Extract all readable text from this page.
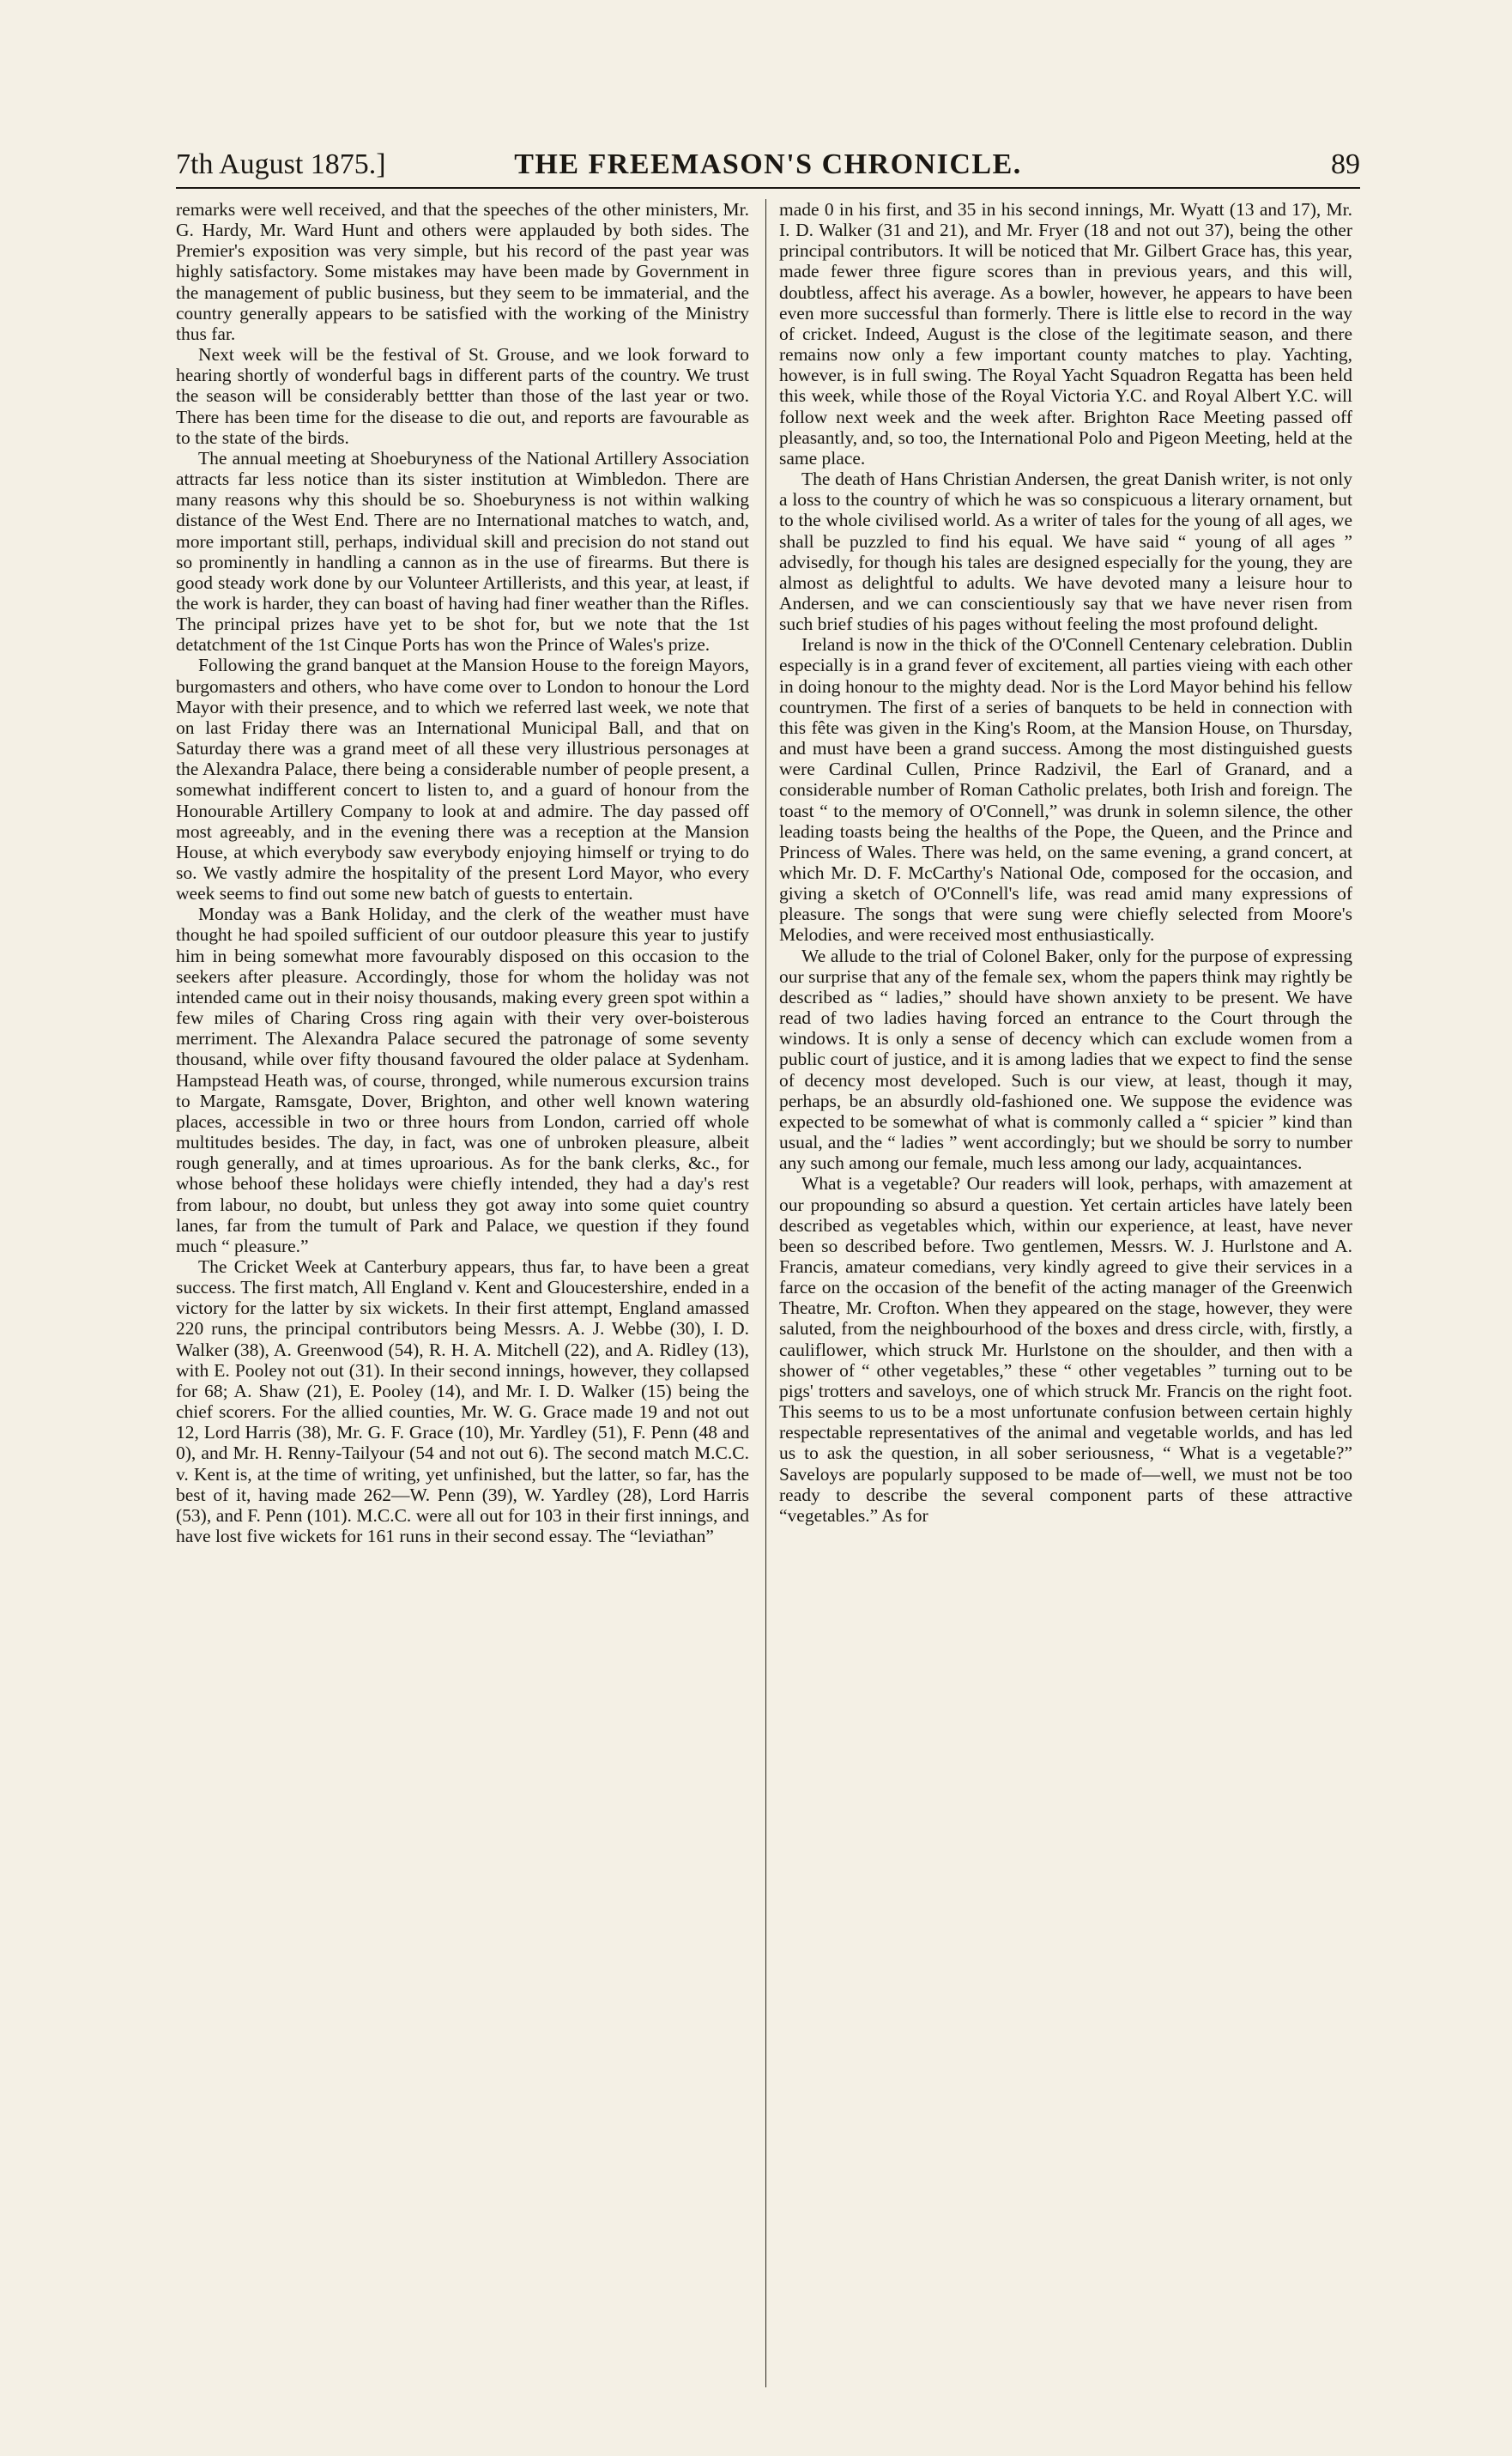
7th August 1875.]	THE FREEMASON'S CHRONICLE.	89

remarks were well received, and that the speeches of the other ministers, Mr. G. Hardy, Mr. Ward Hunt and others were applauded by both sides. The Premier's exposition was very simple, but his record of the past year was highly satisfactory. Some mistakes may have been made by Government in the management of public business, but they seem to be immaterial, and the country generally appears to be satisfied with the working of the Ministry thus far.

Next week will be the festival of St. Grouse, and we look forward to hearing shortly of wonderful bags in different parts of the country. We trust the season will be considerably bettter than those of the last year or two. There has been time for the disease to die out, and reports are favourable as to the state of the birds.

The annual meeting at Shoeburyness of the National Artillery Association attracts far less notice than its sister institution at Wimbledon. There are many reasons why this should be so. Shoeburyness is not within walking distance of the West End. There are no International matches to watch, and, more important still, perhaps, individual skill and precision do not stand out so prominently in handling a cannon as in the use of firearms. But there is good steady work done by our Volunteer Artillerists, and this year, at least, if the work is harder, they can boast of having had finer weather than the Rifles. The principal prizes have yet to be shot for, but we note that the 1st detatchment of the 1st Cinque Ports has won the Prince of Wales's prize.

Following the grand banquet at the Mansion House to the foreign Mayors, burgomasters and others, who have come over to London to honour the Lord Mayor with their presence, and to which we referred last week, we note that on last Friday there was an International Municipal Ball, and that on Saturday there was a grand meet of all these very illustrious personages at the Alexandra Palace, there being a considerable number of people present, a somewhat indifferent concert to listen to, and a guard of honour from the Honourable Artillery Company to look at and admire. The day passed off most agreeably, and in the evening there was a reception at the Mansion House, at which everybody saw everybody enjoying himself or trying to do so. We vastly admire the hospitality of the present Lord Mayor, who every week seems to find out some new batch of guests to entertain.

Monday was a Bank Holiday, and the clerk of the weather must have thought he had spoiled sufficient of our outdoor pleasure this year to justify him in being somewhat more favourably disposed on this occasion to the seekers after pleasure. Accordingly, those for whom the holiday was not intended came out in their noisy thousands, making every green spot within a few miles of Charing Cross ring again with their very over-boisterous merriment. The Alexandra Palace secured the patronage of some seventy thousand, while over fifty thousand favoured the older palace at Sydenham. Hampstead Heath was, of course, thronged, while numerous excursion trains to Margate, Ramsgate, Dover, Brighton, and other well known watering places, accessible in two or three hours from London, carried off whole multitudes besides. The day, in fact, was one of unbroken pleasure, albeit rough generally, and at times uproarious. As for the bank clerks, &c., for whose behoof these holidays were chiefly intended, they had a day's rest from labour, no doubt, but unless they got away into some quiet country lanes, far from the tumult of Park and Palace, we question if they found much “ pleasure.”

The Cricket Week at Canterbury appears, thus far, to have been a great success. The first match, All England v. Kent and Gloucestershire, ended in a victory for the latter by six wickets. In their first attempt, England amassed 220 runs, the principal contributors being Messrs. A. J. Webbe (30), I. D. Walker (38), A. Greenwood (54), R. H. A. Mitchell (22), and A. Ridley (13), with E. Pooley not out (31). In their second innings, however, they collapsed for 68; A. Shaw (21), E. Pooley (14), and Mr. I. D. Walker (15) being the chief scorers. For the allied counties, Mr. W. G. Grace made 19 and not out 12, Lord Harris (38), Mr. G. F. Grace (10), Mr. Yardley (51), F. Penn (48 and 0), and Mr. H. Renny-Tailyour (54 and not out 6). The second match M.C.C. v. Kent is, at the time of writing, yet unfinished, but the latter, so far, has the best of it, having made 262—W. Penn (39), W. Yardley (28), Lord Harris (53), and F. Penn (101). M.C.C. were all out for 103 in their first innings, and have lost five wickets for 161 runs in their second essay. The “leviathan”

made 0 in his first, and 35 in his second innings, Mr. Wyatt (13 and 17), Mr. I. D. Walker (31 and 21), and Mr. Fryer (18 and not out 37), being the other principal contributors. It will be noticed that Mr. Gilbert Grace has, this year, made fewer three figure scores than in previous years, and this will, doubtless, affect his average. As a bowler, however, he appears to have been even more successful than formerly. There is little else to record in the way of cricket. Indeed, August is the close of the legitimate season, and there remains now only a few important county matches to play. Yachting, however, is in full swing. The Royal Yacht Squadron Regatta has been held this week, while those of the Royal Victoria Y.C. and Royal Albert Y.C. will follow next week and the week after. Brighton Race Meeting passed off pleasantly, and, so too, the International Polo and Pigeon Meeting, held at the same place.

The death of Hans Christian Andersen, the great Danish writer, is not only a loss to the country of which he was so conspicuous a literary ornament, but to the whole civilised world. As a writer of tales for the young of all ages, we shall be puzzled to find his equal. We have said “ young of all ages ” advisedly, for though his tales are designed especially for the young, they are almost as delightful to adults. We have devoted many a leisure hour to Andersen, and we can conscientiously say that we have never risen from such brief studies of his pages without feeling the most profound delight.

Ireland is now in the thick of the O'Connell Centenary celebration. Dublin especially is in a grand fever of excitement, all parties vieing with each other in doing honour to the mighty dead. Nor is the Lord Mayor behind his fellow countrymen. The first of a series of banquets to be held in connection with this fête was given in the King's Room, at the Mansion House, on Thursday, and must have been a grand success. Among the most distinguished guests were Cardinal Cullen, Prince Radzivil, the Earl of Granard, and a considerable number of Roman Catholic prelates, both Irish and foreign. The toast “ to the memory of O'Connell,” was drunk in solemn silence, the other leading toasts being the healths of the Pope, the Queen, and the Prince and Princess of Wales. There was held, on the same evening, a grand concert, at which Mr. D. F. McCarthy's National Ode, composed for the occasion, and giving a sketch of O'Connell's life, was read amid many expressions of pleasure. The songs that were sung were chiefly selected from Moore's Melodies, and were received most enthusiastically.

We allude to the trial of Colonel Baker, only for the purpose of expressing our surprise that any of the female sex, whom the papers think may rightly be described as “ ladies,” should have shown anxiety to be present. We have read of two ladies having forced an entrance to the Court through the windows. It is only a sense of decency which can exclude women from a public court of justice, and it is among ladies that we expect to find the sense of decency most developed. Such is our view, at least, though it may, perhaps, be an absurdly old-fashioned one. We suppose the evidence was expected to be somewhat of what is commonly called a “ spicier ” kind than usual, and the “ ladies ” went accordingly; but we should be sorry to number any such among our female, much less among our lady, acquaintances.

What is a vegetable? Our readers will look, perhaps, with amazement at our propounding so absurd a question. Yet certain articles have lately been described as vegetables which, within our experience, at least, have never been so described before. Two gentlemen, Messrs. W. J. Hurlstone and A. Francis, amateur comedians, very kindly agreed to give their services in a farce on the occasion of the benefit of the acting manager of the Greenwich Theatre, Mr. Crofton. When they appeared on the stage, however, they were saluted, from the neighbourhood of the boxes and dress circle, with, firstly, a cauliflower, which struck Mr. Hurlstone on the shoulder, and then with a shower of “ other vegetables,” these “ other vegetables ” turning out to be pigs' trotters and saveloys, one of which struck Mr. Francis on the right foot. This seems to us to be a most unfortunate confusion between certain highly respectable representatives of the animal and vegetable worlds, and has led us to ask the question, in all sober seriousness, “ What is a vegetable?” Saveloys are popularly supposed to be made of—well, we must not be too ready to describe the several component parts of these attractive “vegetables.” As for
